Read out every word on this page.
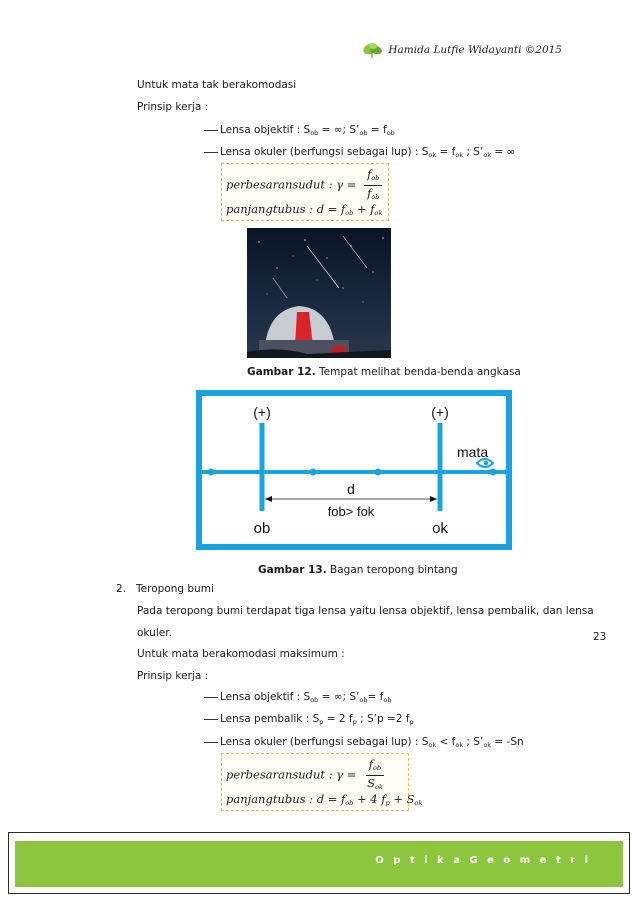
Hamida Lutfie Widayanti ©2015
Untuk mata tak berakomodasi
Prinsip kerja :
Lensa objektif : $S_{ob}$ = ∞; $S’_{ob} = f_{ob}$
Lensa okuler (berfungsi sebagai lup) : $S_{ok} = f_{ok}$ ; $S’_{ok}$ = ∞
perbesaransudut : $\gamma = \frac{f_{ob}}{f_{ob}}$
panjangtubus : $d = f_{ob} + f_{ok}$
Gambar 12. Tempat melihat benda-benda angkasa
(+)	(+)
mata
d
fob> fok
ob	ok
Gambar 13. Bagan teropong bintang
2. Teropong bumi
Pada teropong bumi terdapat tiga lensa yaitu lensa objektif, lensa pembalik, dan lensa
okuler.
Untuk mata berakomodasi maksimum :
Prinsip kerja :
23
Lensa objektif : $S_{ob}$ = ∞; $S’_{ob}= f_{ob}$
Lensa pembalik : $S_p = 2$ $f_p$ ; S’p =2 $f_p$
Lensa okuler (berfungsi sebagai lup) : $S_{ok} < f_{ok}$ ; $S’_{ok} = -Sn$
perbesaransudut : $\gamma = \frac{f_{ob}}{S_{ok}}$
panjangtubus : $d = f_{ob} + 4$ $f_p + S_{ok}$
O p t i k a G e o m e t r i
